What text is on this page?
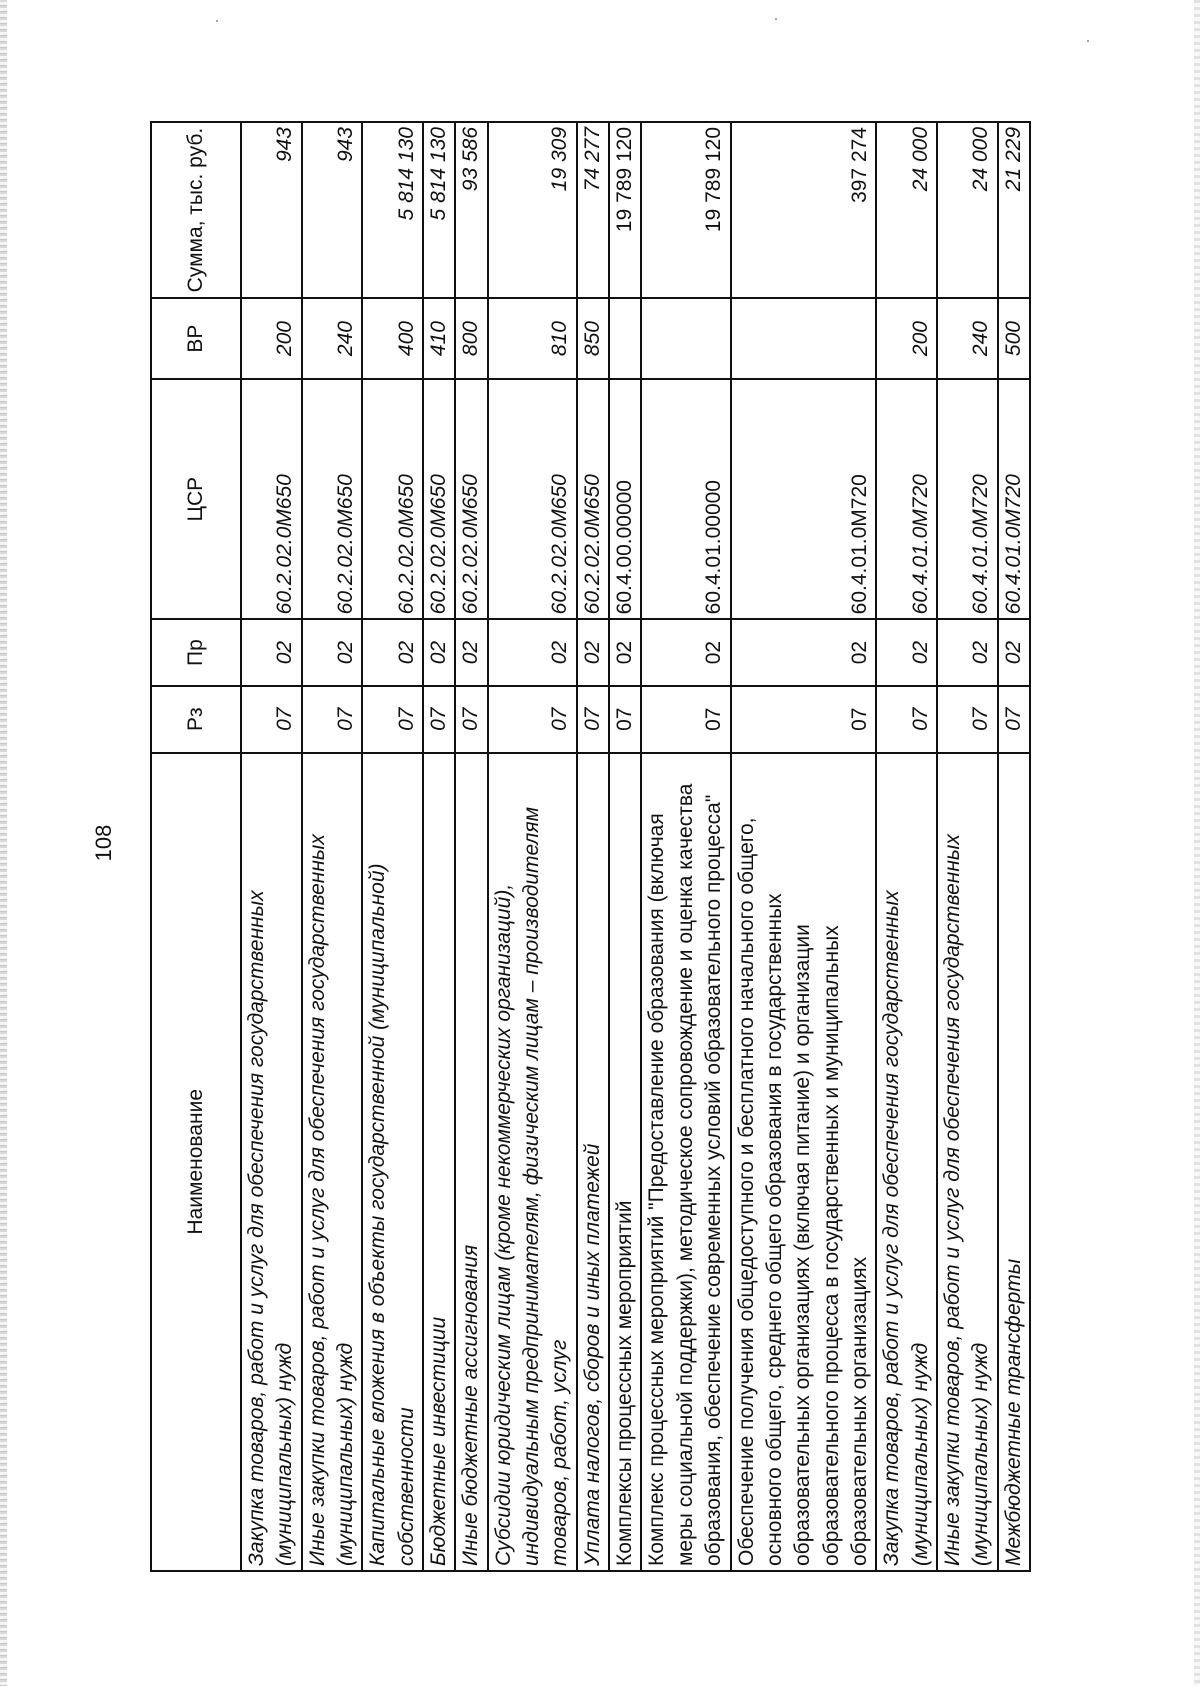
108
Наименование	Рз	Пр	ЦСР	ВР	Сумма, тыс. руб.
Закупка товаров, работ и услуг для обеспечения государственных (муниципальных) нужд	07	02	60.2.02.0М650	200	943
Иные закупки товаров, работ и услуг для обеспечения государственных (муниципальных) нужд	07	02	60.2.02.0М650	240	943
Капитальные вложения в объекты государственной (муниципальной) собственности	07	02	60.2.02.0М650	400	5 814 130
Бюджетные инвестиции	07	02	60.2.02.0М650	410	5 814 130
Иные бюджетные ассигнования	07	02	60.2.02.0М650	800	93 586
Субсидии юридическим лицам (кроме некоммерческих организаций), индивидуальным предпринимателям, физическим лицам – производителям товаров, работ, услуг	07	02	60.2.02.0М650	810	19 309
Уплата налогов, сборов и иных платежей	07	02	60.2.02.0М650	850	74 277
Комплексы процессных мероприятий	07	02	60.4.00.00000		19 789 120
Комплекс процессных мероприятий "Предоставление образования (включая меры социальной поддержки), методическое сопровождение и оценка качества образования, обеспечение современных условий образовательного процесса"	07	02	60.4.01.00000		19 789 120
Обеспечение получения общедоступного и бесплатного начального общего, основного общего, среднего общего образования в государственных образовательных организациях (включая питание) и организации образовательного процесса в государственных и муниципальных образовательных организациях	07	02	60.4.01.0М720		397 274
Закупка товаров, работ и услуг для обеспечения государственных (муниципальных) нужд	07	02	60.4.01.0М720	200	24 000
Иные закупки товаров, работ и услуг для обеспечения государственных (муниципальных) нужд	07	02	60.4.01.0М720	240	24 000
Межбюджетные трансферты	07	02	60.4.01.0М720	500	21 229
